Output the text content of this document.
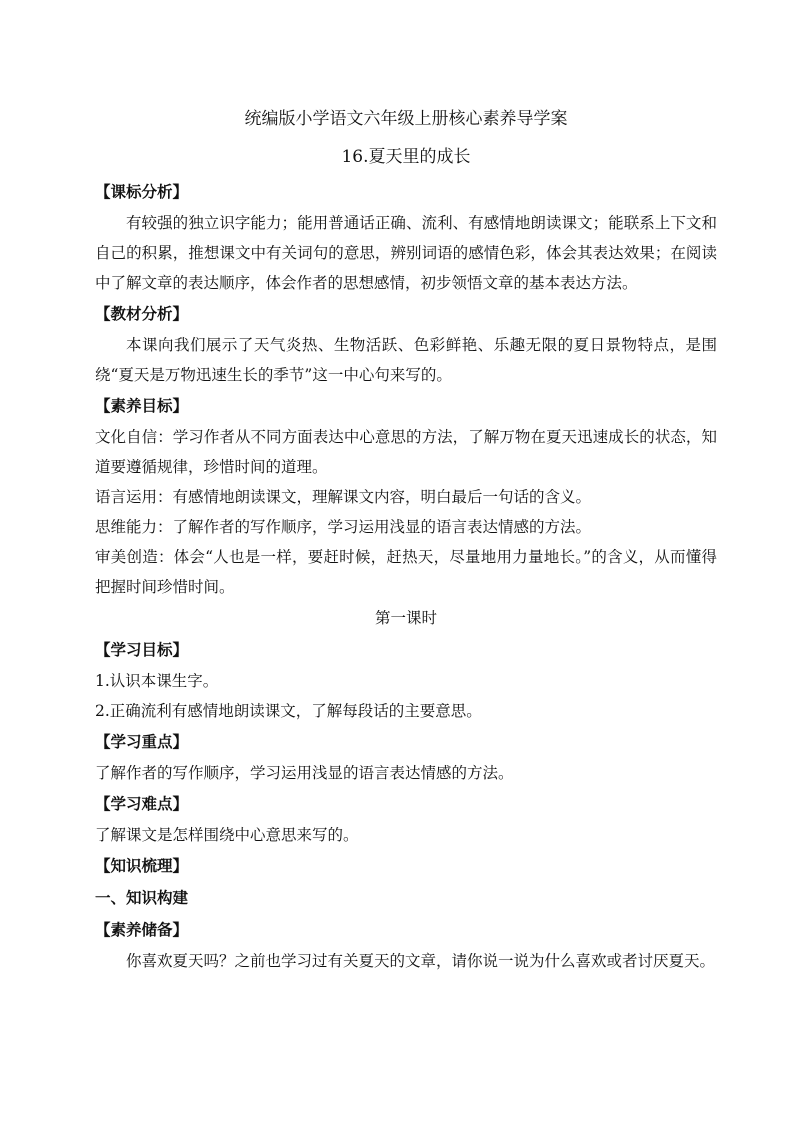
统编版小学语文六年级上册核心素养导学案
16.夏天里的成长
【课标分析】

有较强的独立识字能力；能用普通话正确、流利、有感情地朗读课文；能联系上下文和自己的积累，推想课文中有关词句的意思，辨别词语的感情色彩，体会其表达效果；在阅读中了解文章的表达顺序，体会作者的思想感情，初步领悟文章的基本表达方法。

【教材分析】

本课向我们展示了天气炎热、生物活跃、色彩鲜艳、乐趣无限的夏日景物特点，是围绕“夏天是万物迅速生长的季节”这一中心句来写的。

【素养目标】

文化自信：学习作者从不同方面表达中心意思的方法，了解万物在夏天迅速成长的状态，知道要遵循规律，珍惜时间的道理。

语言运用：有感情地朗读课文，理解课文内容，明白最后一句话的含义。

思维能力：了解作者的写作顺序，学习运用浅显的语言表达情感的方法。

审美创造：体会“人也是一样，要赶时候，赶热天，尽量地用力量地长。”的含义，从而懂得把握时间珍惜时间。

第一课时
【学习目标】

1.认识本课生字。

2.正确流利有感情地朗读课文，了解每段话的主要意思。

【学习重点】

了解作者的写作顺序，学习运用浅显的语言表达情感的方法。

【学习难点】

了解课文是怎样围绕中心意思来写的。

【知识梳理】
一、知识构建
【素养储备】

你喜欢夏天吗？之前也学习过有关夏天的文章，请你说一说为什么喜欢或者讨厌夏天。
